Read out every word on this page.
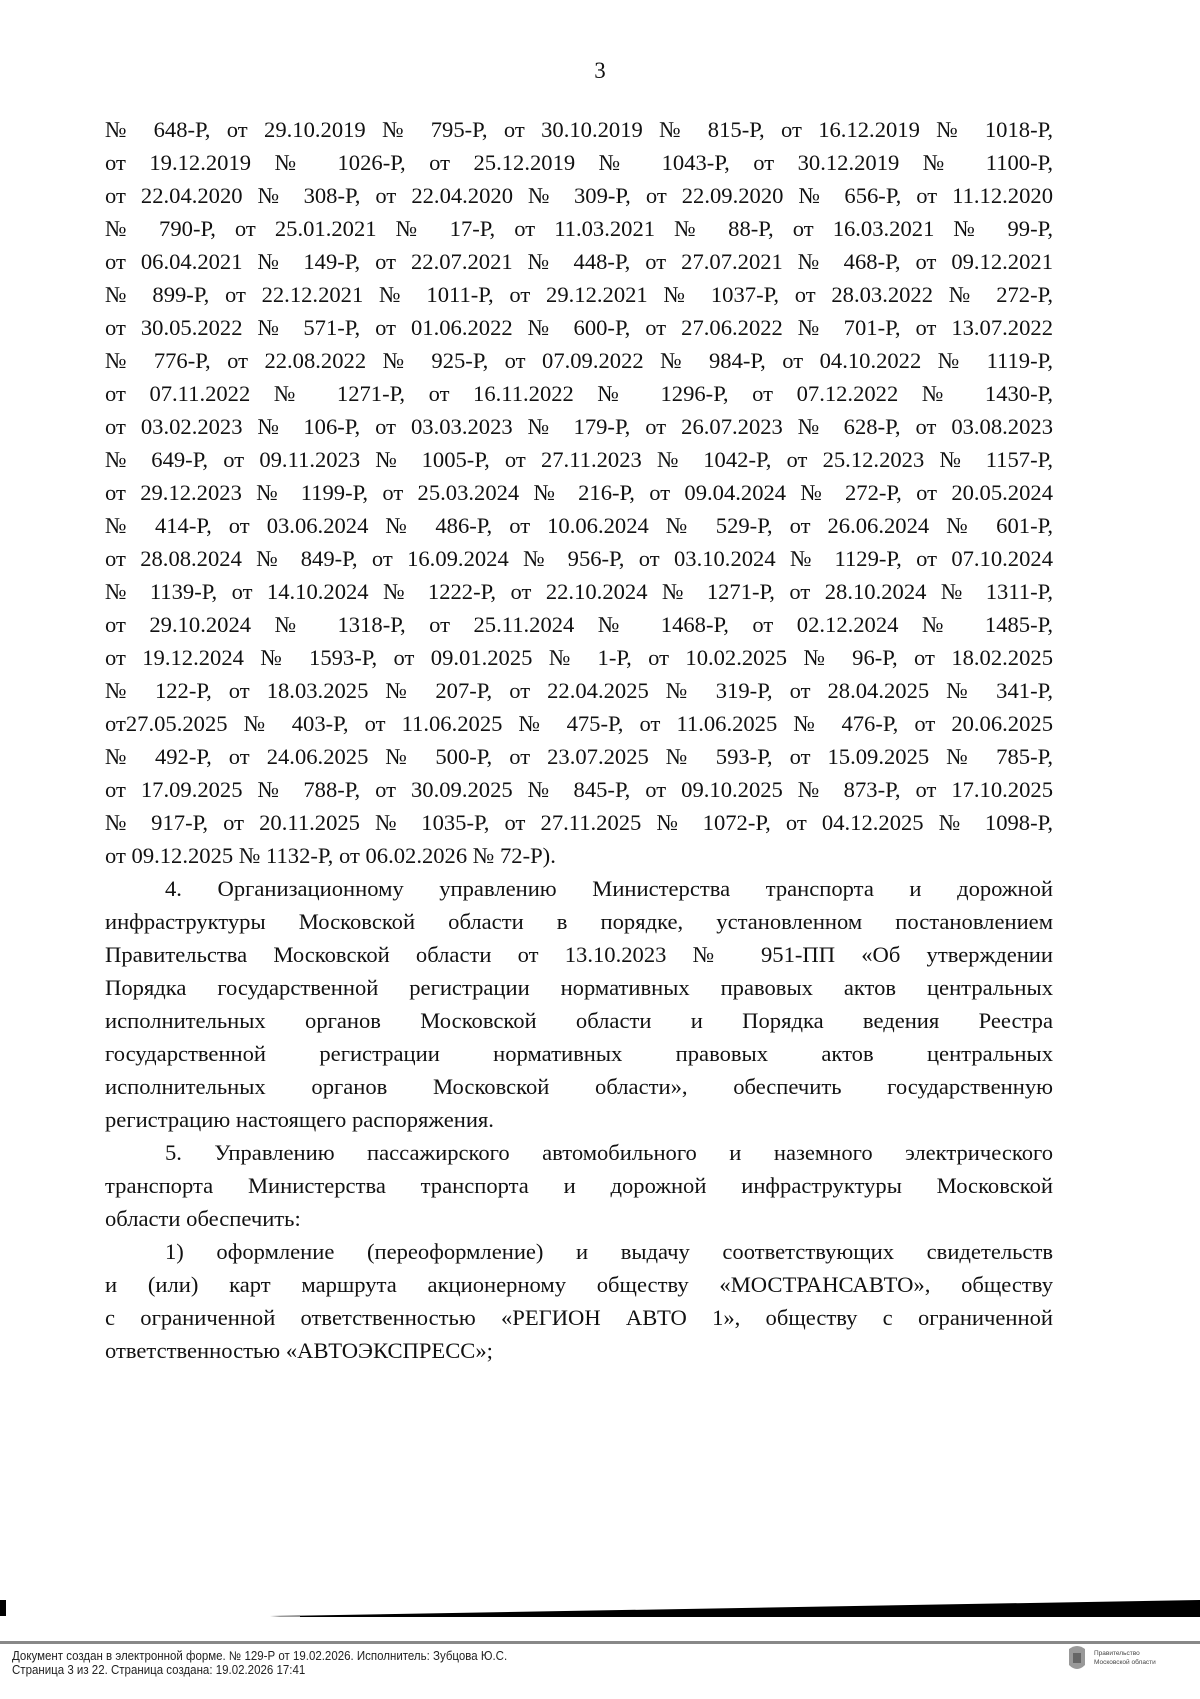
3
№ 648-Р, от 29.10.2019 № 795-Р, от 30.10.2019 № 815-Р, от 16.12.2019 № 1018-Р,
от 19.12.2019 № 1026-Р, от 25.12.2019 № 1043-Р, от 30.12.2019 № 1100-Р,
от 22.04.2020 № 308-Р, от 22.04.2020 № 309-Р, от 22.09.2020 № 656-Р, от 11.12.2020
№ 790-Р, от 25.01.2021 № 17-Р, от 11.03.2021 № 88-Р, от 16.03.2021 № 99-Р,
от 06.04.2021 № 149-Р, от 22.07.2021 № 448-Р, от 27.07.2021 № 468-Р, от 09.12.2021
№ 899-Р, от 22.12.2021 № 1011-Р, от 29.12.2021 № 1037-Р, от 28.03.2022 № 272-Р,
от 30.05.2022 № 571-Р, от 01.06.2022 № 600-Р, от 27.06.2022 № 701-Р, от 13.07.2022
№ 776-Р, от 22.08.2022 № 925-Р, от 07.09.2022 № 984-Р, от 04.10.2022 № 1119-Р,
от 07.11.2022 № 1271-Р, от 16.11.2022 № 1296-Р, от 07.12.2022 № 1430-Р,
от 03.02.2023 № 106-Р, от 03.03.2023 № 179-Р, от 26.07.2023 № 628-Р, от 03.08.2023
№ 649-Р, от 09.11.2023 № 1005-Р, от 27.11.2023 № 1042-Р, от 25.12.2023 № 1157-Р,
от 29.12.2023 № 1199-Р, от 25.03.2024 № 216-Р, от 09.04.2024 № 272-Р, от 20.05.2024
№ 414-Р, от 03.06.2024 № 486-Р, от 10.06.2024 № 529-Р, от 26.06.2024 № 601-Р,
от 28.08.2024 № 849-Р, от 16.09.2024 № 956-Р, от 03.10.2024 № 1129-Р, от 07.10.2024
№ 1139-Р, от 14.10.2024 № 1222-Р, от 22.10.2024 № 1271-Р, от 28.10.2024 № 1311-Р,
от 29.10.2024 № 1318-Р, от 25.11.2024 № 1468-Р, от 02.12.2024 № 1485-Р,
от 19.12.2024 № 1593-Р, от 09.01.2025 № 1-Р, от 10.02.2025 № 96-Р, от 18.02.2025
№ 122-Р, от 18.03.2025 № 207-Р, от 22.04.2025 № 319-Р, от 28.04.2025 № 341-Р,
от27.05.2025 № 403-Р, от 11.06.2025 № 475-Р, от 11.06.2025 № 476-Р, от 20.06.2025
№ 492-Р, от 24.06.2025 № 500-Р, от 23.07.2025 № 593-Р, от 15.09.2025 № 785-Р,
от 17.09.2025 № 788-Р, от 30.09.2025 № 845-Р, от 09.10.2025 № 873-Р, от 17.10.2025
№ 917-Р, от 20.11.2025 № 1035-Р, от 27.11.2025 № 1072-Р, от 04.12.2025 № 1098-Р,
от 09.12.2025 № 1132-Р, от 06.02.2026 № 72-Р).
4. Организационному управлению Министерства транспорта и дорожной
инфраструктуры Московской области в порядке, установленном постановлением
Правительства Московской области от 13.10.2023 № 951-ПП «Об утверждении
Порядка государственной регистрации нормативных правовых актов центральных
исполнительных органов Московской области и Порядка ведения Реестра
государственной регистрации нормативных правовых актов центральных
исполнительных органов Московской области», обеспечить государственную
регистрацию настоящего распоряжения.
5. Управлению пассажирского автомобильного и наземного электрического
транспорта Министерства транспорта и дорожной инфраструктуры Московской
области обеспечить:
1) оформление (переоформление) и выдачу соответствующих свидетельств
и (или) карт маршрута акционерному обществу «МОСТРАНСАВТО», обществу
с ограниченной ответственностью «РЕГИОН АВТО 1», обществу с ограниченной
ответственностью «АВТОЭКСПРЕСС»;
Документ создан в электронной форме. № 129-Р от 19.02.2026. Исполнитель: Зубцова Ю.С.
Страница 3 из 22. Страница создана: 19.02.2026 17:41
Правительство
Московской области
